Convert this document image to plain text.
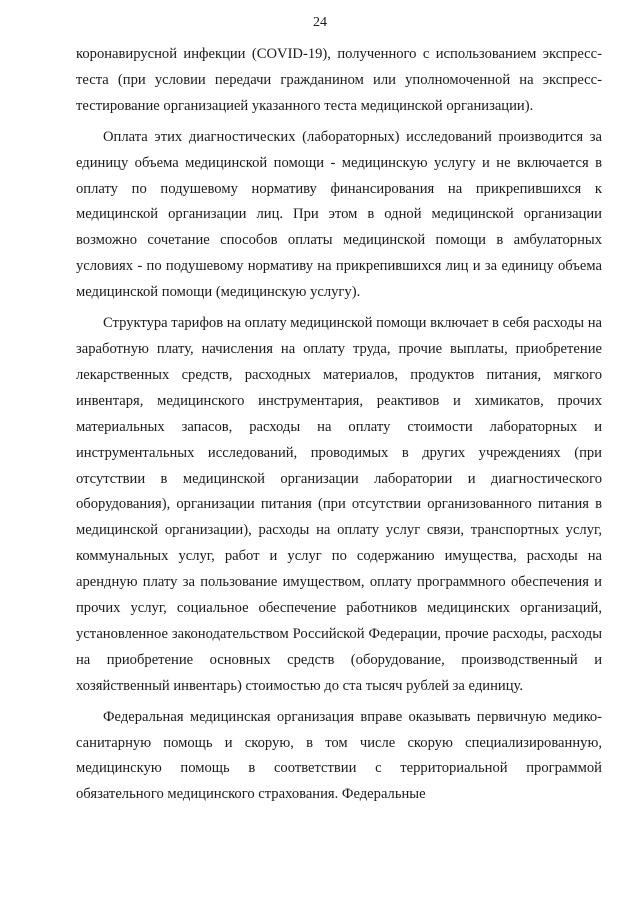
24

коронавирусной инфекции (COVID-19), полученного с использованием экспресс-теста (при условии передачи гражданином или уполномоченной на экспресс-тестирование организацией указанного теста медицинской организации).

Оплата этих диагностических (лабораторных) исследований производится за единицу объема медицинской помощи - медицинскую услугу и не включается в оплату по подушевому нормативу финансирования на прикрепившихся к медицинской организации лиц. При этом в одной медицинской организации возможно сочетание способов оплаты медицинской помощи в амбулаторных условиях - по подушевому нормативу на прикрепившихся лиц и за единицу объема медицинской помощи (медицинскую услугу).

Структура тарифов на оплату медицинской помощи включает в себя расходы на заработную плату, начисления на оплату труда, прочие выплаты, приобретение лекарственных средств, расходных материалов, продуктов питания, мягкого инвентаря, медицинского инструментария, реактивов и химикатов, прочих материальных запасов, расходы на оплату стоимости лабораторных и инструментальных исследований, проводимых в других учреждениях (при отсутствии в медицинской организации лаборатории и диагностического оборудования), организации питания (при отсутствии организованного питания в медицинской организации), расходы на оплату услуг связи, транспортных услуг, коммунальных услуг, работ и услуг по содержанию имущества, расходы на арендную плату за пользование имуществом, оплату программного обеспечения и прочих услуг, социальное обеспечение работников медицинских организаций, установленное законодательством Российской Федерации, прочие расходы, расходы на приобретение основных средств (оборудование, производственный и хозяйственный инвентарь) стоимостью до ста тысяч рублей за единицу.

Федеральная медицинская организация вправе оказывать первичную медико-санитарную помощь и скорую, в том числе скорую специализированную, медицинскую помощь в соответствии с территориальной программой обязательного медицинского страхования. Федеральные
